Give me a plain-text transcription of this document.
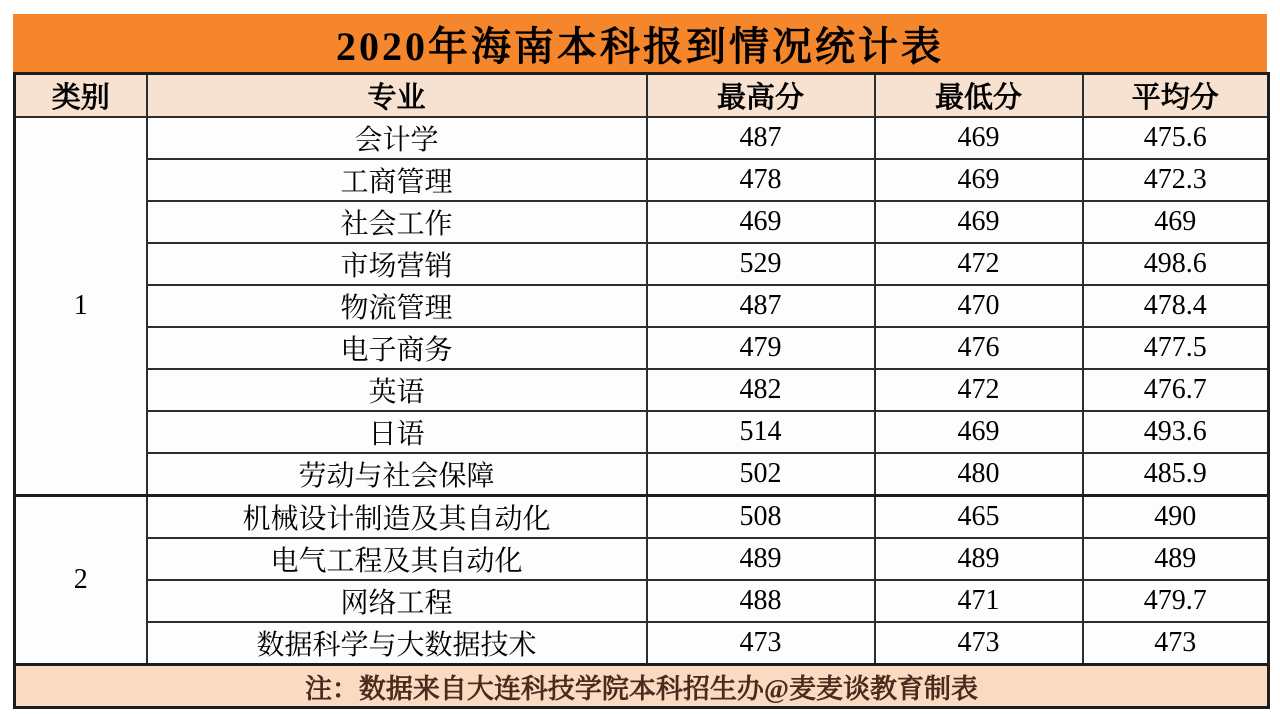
2020年海南本科报到情况统计表
类别	专业	最高分	最低分	平均分
1	会计学	487	469	475.6
	工商管理	478	469	472.3
	社会工作	469	469	469
	市场营销	529	472	498.6
	物流管理	487	470	478.4
	电子商务	479	476	477.5
	英语	482	472	476.7
	日语	514	469	493.6
	劳动与社会保障	502	480	485.9
2	机械设计制造及其自动化	508	465	490
	电气工程及其自动化	489	489	489
	网络工程	488	471	479.7
	数据科学与大数据技术	473	473	473
注：数据来自大连科技学院本科招生办@麦麦谈教育制表				
